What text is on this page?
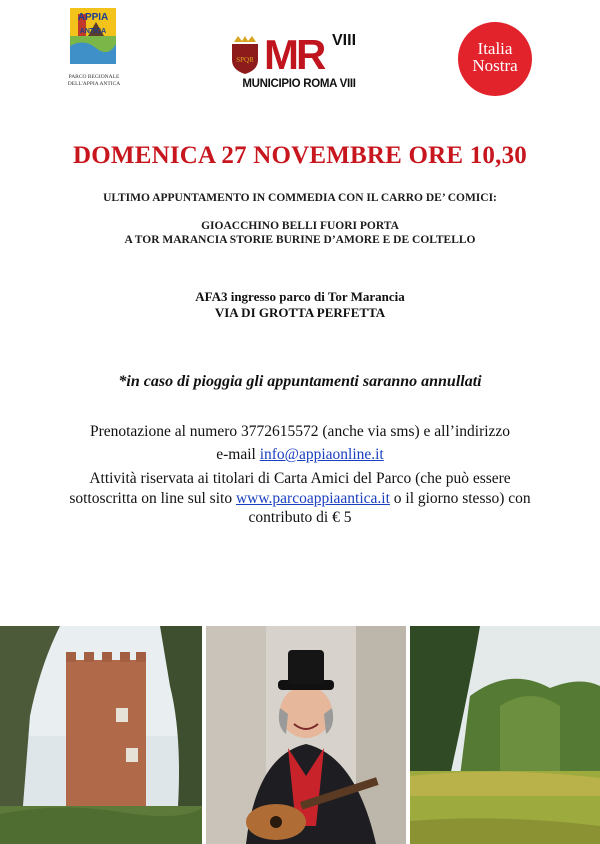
APPIA
ANTICA
PARCO REGIONALE
DELL'APPIA ANTICA
SPQR MR VIII
MUNICIPIO ROMA VIII
Italia
Nostra
DOMENICA 27 NOVEMBRE ORE 10,30
ULTIMO APPUNTAMENTO IN COMMEDIA CON IL CARRO DE’ COMICI:
GIOACCHINO BELLI FUORI PORTA
A TOR MARANCIA STORIE BURINE D’AMORE E DE COLTELLO
AFA3 ingresso parco di Tor Marancia
VIA DI GROTTA PERFETTA
*in caso di pioggia gli appuntamenti saranno annullati
Prenotazione al numero 3772615572 (anche via sms) e all’indirizzo
e-mail info@appiaonline.it
Attività riservata ai titolari di Carta Amici del Parco (che può essere
sottoscritta on line sul sito www.parcoappiaantica.it o il giorno stesso) con
contributo di € 5
